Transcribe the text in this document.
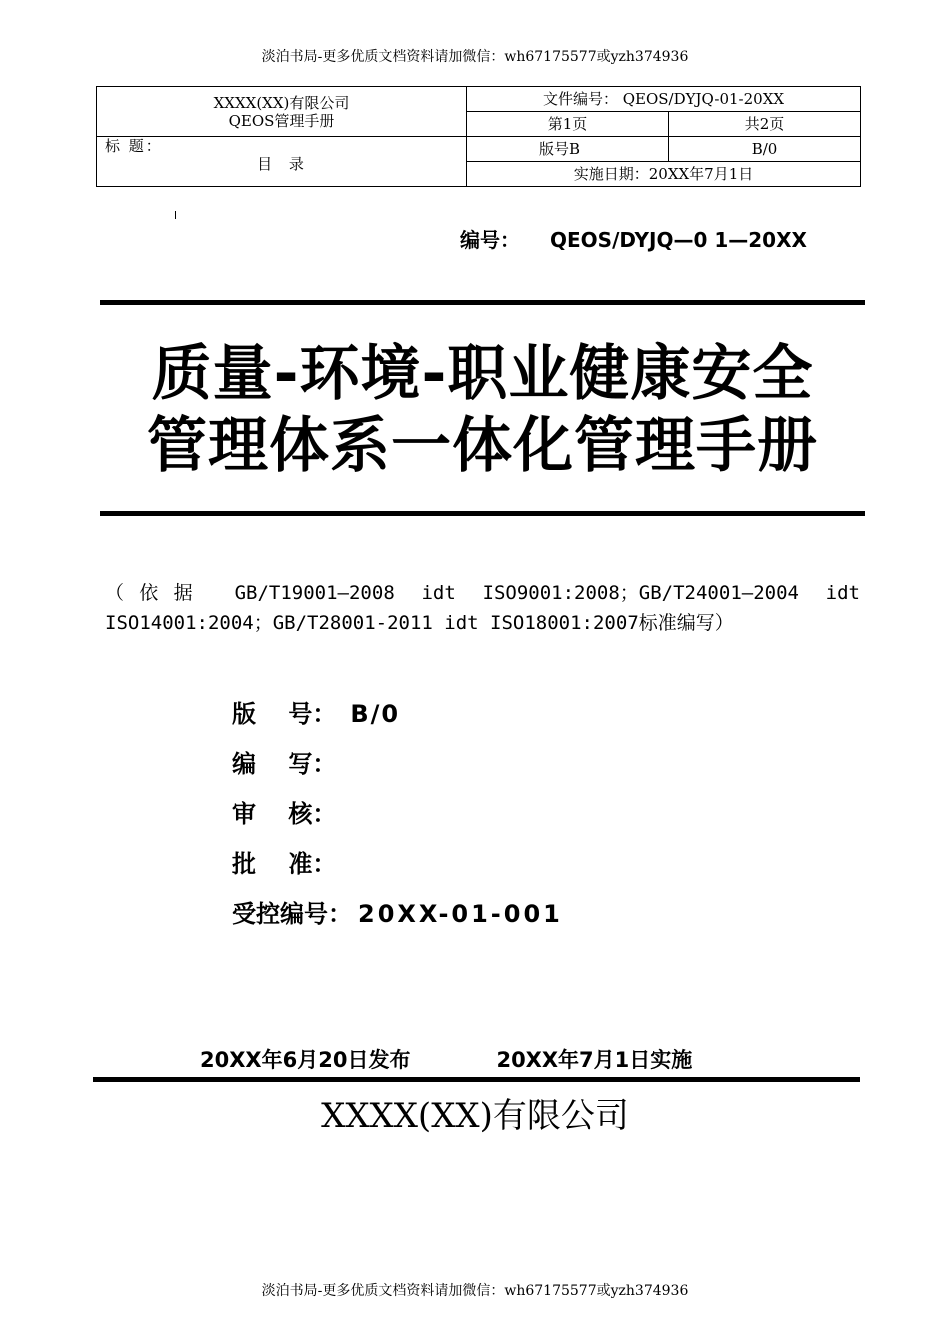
淡泊书局-更多优质文档资料请加微信：wh67175577或yzh374936
XXXX(XX)有限公司
QEOS管理手册	文件编号： QEOS/DYJQ-01-20XX	
	第1页	共2页

标 题：
目 录	版号B	B/0
	实施日期：20XX年7月1日	
编号： QEOS/DYJQ—0 1—20XX
质量-环境-职业健康安全
管理体系一体化管理手册
（依据 GB/T19001—2008 idt ISO9001:2008；GB/T24001—2004 idt ISO14001:2004；GB/T28001-2011 idt ISO18001:2007标准编写）
版　 号： B/0
编　 写：
审　 核：
批　 准：
受控编号： 20XX-01-001
20XX年6月20日发布	20XX年7月1日实施
XXXX(XX)有限公司
淡泊书局-更多优质文档资料请加微信：wh67175577或yzh374936
